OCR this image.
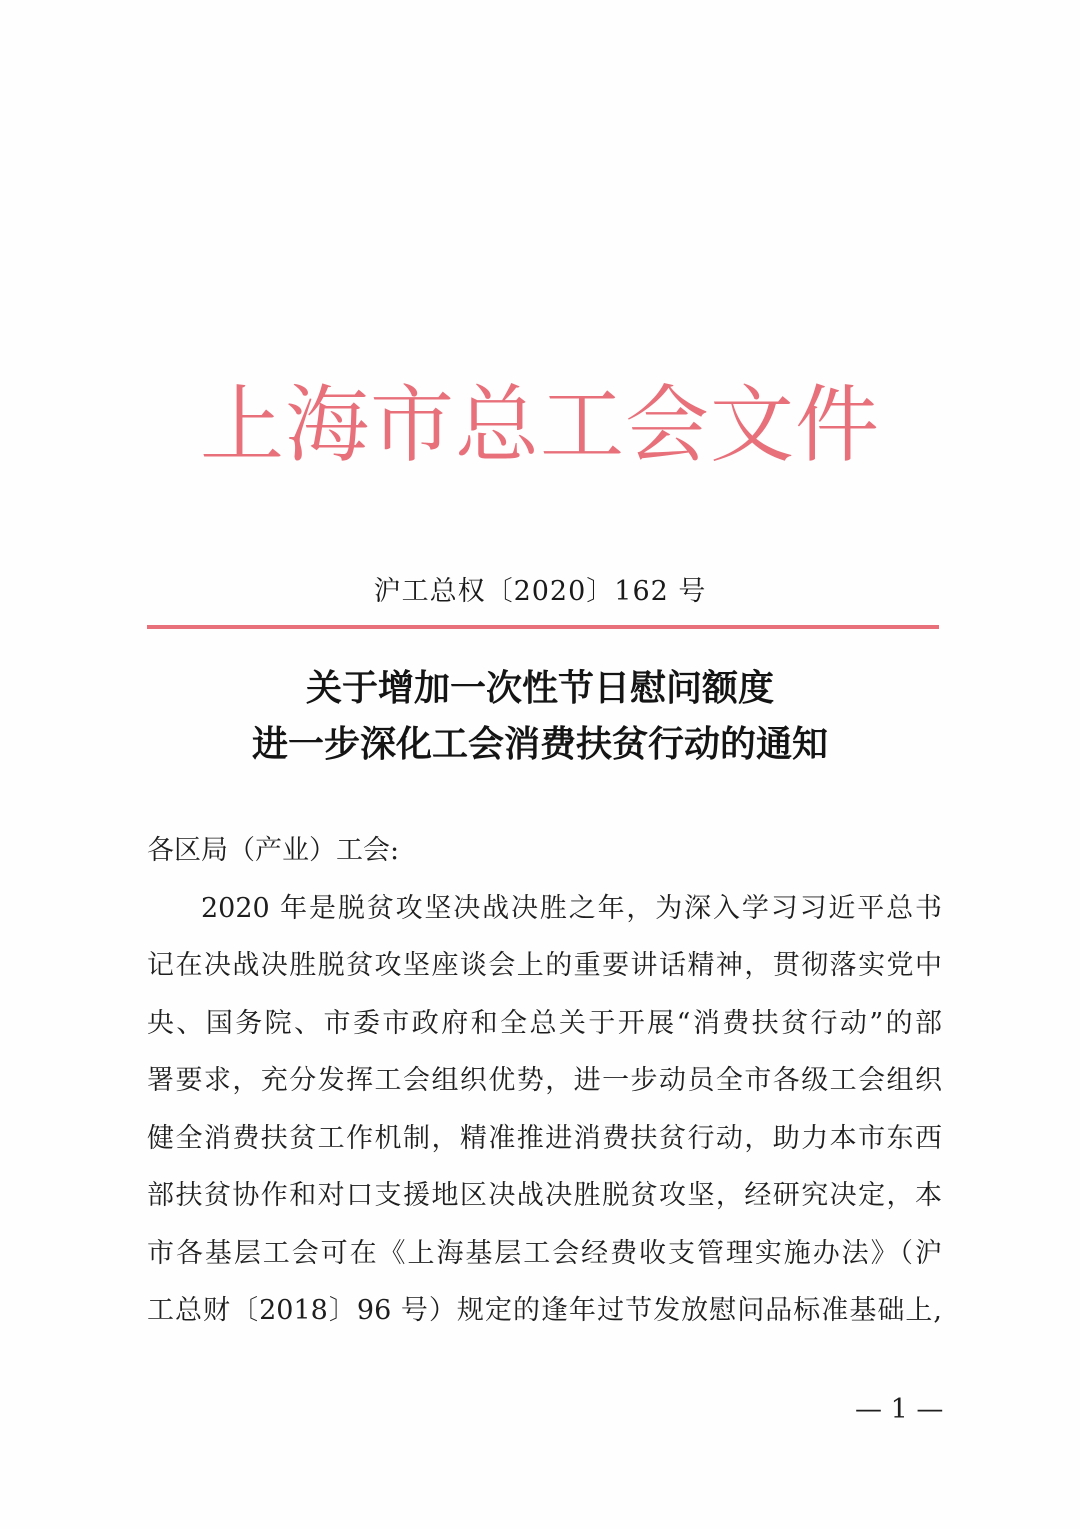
上海市总工会文件
沪工总权〔2020〕162 号
关于增加一次性节日慰问额度
进一步深化工会消费扶贫行动的通知
各区局（产业）工会:
2020 年是脱贫攻坚决战决胜之年，为深入学习习近平总书
记在决战决胜脱贫攻坚座谈会上的重要讲话精神，贯彻落实党中
央、国务院、市委市政府和全总关于开展“消费扶贫行动”的部
署要求，充分发挥工会组织优势，进一步动员全市各级工会组织
健全消费扶贫工作机制，精准推进消费扶贫行动，助力本市东西
部扶贫协作和对口支援地区决战决胜脱贫攻坚，经研究决定，本
市各基层工会可在《上海基层工会经费收支管理实施办法》（沪
工总财〔2018〕96 号）规定的逢年过节发放慰问品标准基础上,
— 1 —
